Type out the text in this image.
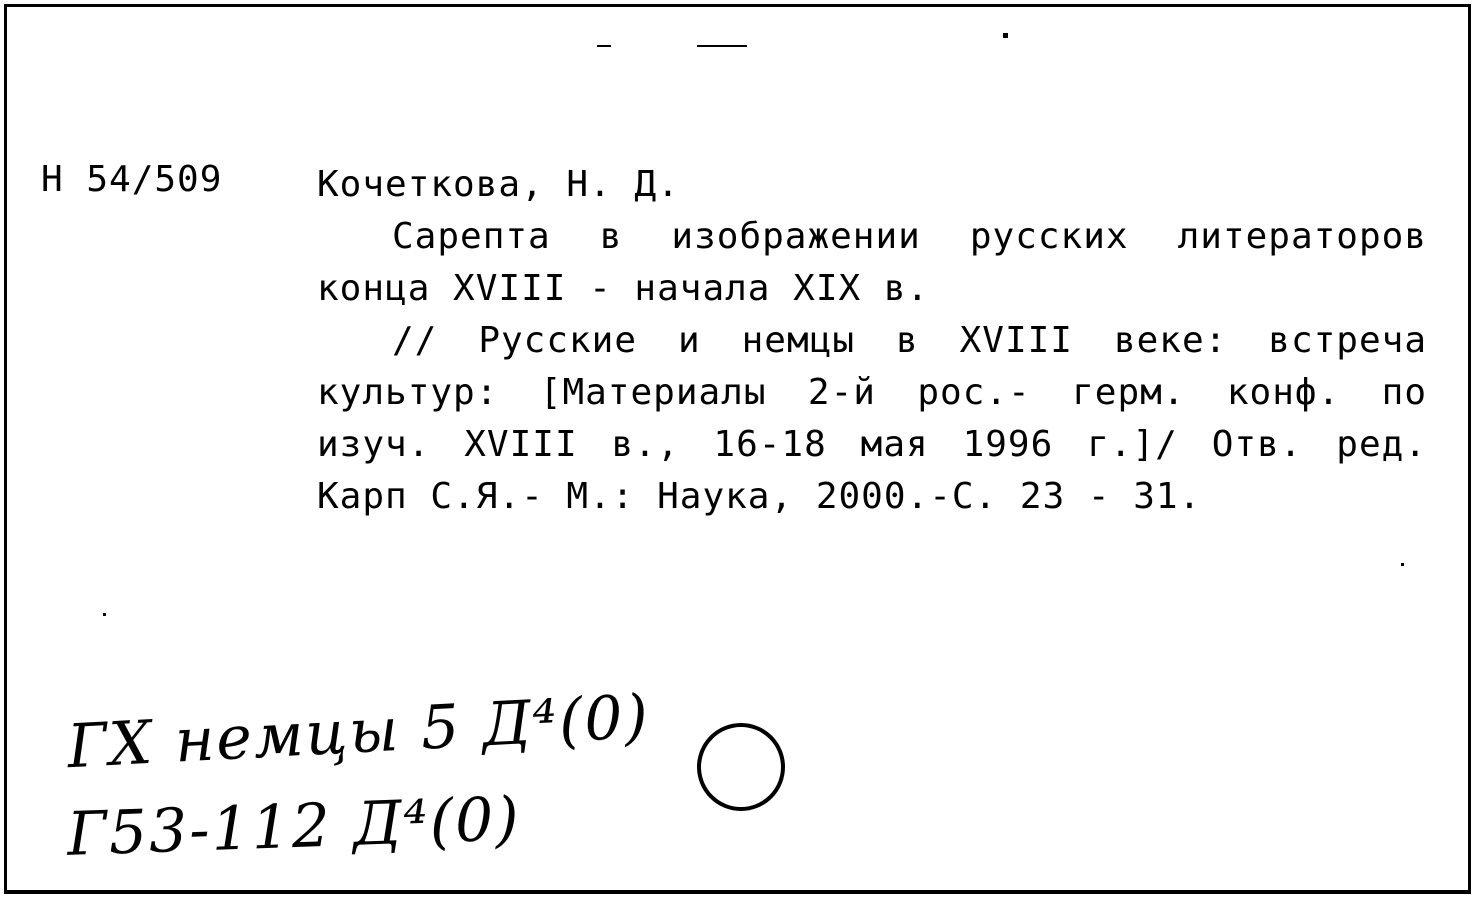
Н 54/509	Кочеткова, Н. Д.

Сарепта в изображении русских литераторов конца XVIII - начала XIX в.

// Русские и немцы в XVIII веке: встреча культур: [Материалы 2-й рос.- герм. конф. по изуч. XVIII в., 16-18 мая 1996 г.]/ Отв. ред. Карп С.Я.- М.: Наука, 2000.-С. 23 - 31.

ГХ немцы 5 Д⁴(0)
Г53-112 Д⁴(0)
